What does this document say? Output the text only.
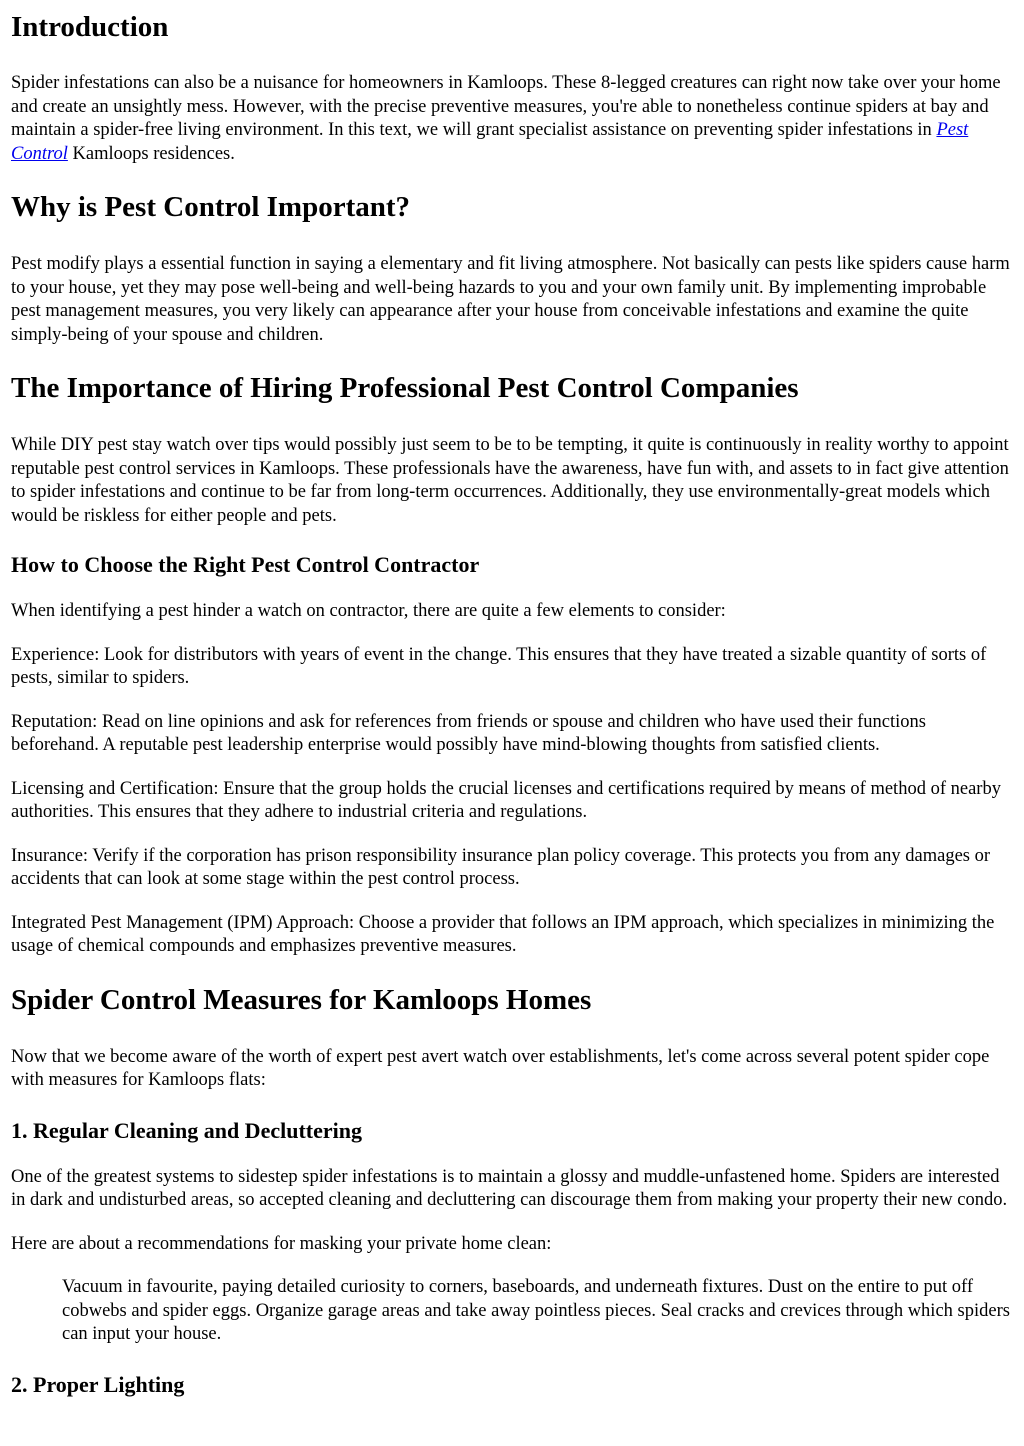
Introduction

Spider infestations can also be a nuisance for homeowners in Kamloops. These 8-legged creatures can right now take over your home and create an unsightly mess. However, with the precise preventive measures, you're able to nonetheless continue spiders at bay and maintain a spider-free living environment. In this text, we will grant specialist assistance on preventing spider infestations in Pest Control Kamloops residences.

Why is Pest Control Important?

Pest modify plays a essential function in saying a elementary and fit living atmosphere. Not basically can pests like spiders cause harm to your house, yet they may pose well-being and well-being hazards to you and your own family unit. By implementing improbable pest management measures, you very likely can appearance after your house from conceivable infestations and examine the quite simply-being of your spouse and children.

The Importance of Hiring Professional Pest Control Companies

While DIY pest stay watch over tips would possibly just seem to be to be tempting, it quite is continuously in reality worthy to appoint reputable pest control services in Kamloops. These professionals have the awareness, have fun with, and assets to in fact give attention to spider infestations and continue to be far from long-term occurrences. Additionally, they use environmentally-great models which would be riskless for either people and pets.

How to Choose the Right Pest Control Contractor

When identifying a pest hinder a watch on contractor, there are quite a few elements to consider:

Experience: Look for distributors with years of event in the change. This ensures that they have treated a sizable quantity of sorts of pests, similar to spiders.

Reputation: Read on line opinions and ask for references from friends or spouse and children who have used their functions beforehand. A reputable pest leadership enterprise would possibly have mind-blowing thoughts from satisfied clients.

Licensing and Certification: Ensure that the group holds the crucial licenses and certifications required by means of method of nearby authorities. This ensures that they adhere to industrial criteria and regulations.

Insurance: Verify if the corporation has prison responsibility insurance plan policy coverage. This protects you from any damages or accidents that can look at some stage within the pest control process.

Integrated Pest Management (IPM) Approach: Choose a provider that follows an IPM approach, which specializes in minimizing the usage of chemical compounds and emphasizes preventive measures.

Spider Control Measures for Kamloops Homes

Now that we become aware of the worth of expert pest avert watch over establishments, let's come across several potent spider cope with measures for Kamloops flats:

1. Regular Cleaning and Decluttering

One of the greatest systems to sidestep spider infestations is to maintain a glossy and muddle-unfastened home. Spiders are interested in dark and undisturbed areas, so accepted cleaning and decluttering can discourage them from making your property their new condo.

Here are about a recommendations for masking your private home clean:

Vacuum in favourite, paying detailed curiosity to corners, baseboards, and underneath fixtures. Dust on the entire to put off cobwebs and spider eggs. Organize garage areas and take away pointless pieces. Seal cracks and crevices through which spiders can input your house.
2. Proper Lighting
